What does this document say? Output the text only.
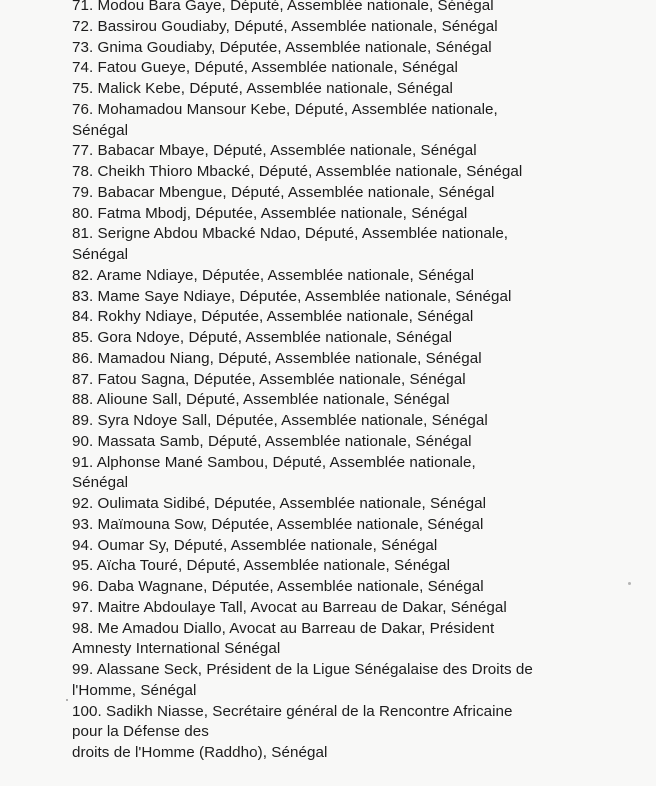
71. Modou Bara Gaye, Député, Assemblée nationale, Sénégal
72. Bassirou Goudiaby, Député, Assemblée nationale, Sénégal
73. Gnima Goudiaby, Députée, Assemblée nationale, Sénégal
74. Fatou Gueye, Député, Assemblée nationale, Sénégal
75. Malick Kebe, Député, Assemblée nationale, Sénégal
76. Mohamadou Mansour Kebe, Député, Assemblée nationale,
Sénégal
77. Babacar Mbaye, Député, Assemblée nationale, Sénégal
78. Cheikh Thioro Mbacké, Député, Assemblée nationale, Sénégal
79. Babacar Mbengue, Député, Assemblée nationale, Sénégal
80. Fatma Mbodj, Députée, Assemblée nationale, Sénégal
81. Serigne Abdou Mbacké Ndao, Député, Assemblée nationale,
Sénégal
82. Arame Ndiaye, Députée, Assemblée nationale, Sénégal
83. Mame Saye Ndiaye, Députée, Assemblée nationale, Sénégal
84. Rokhy Ndiaye, Députée, Assemblée nationale, Sénégal
85. Gora Ndoye, Député, Assemblée nationale, Sénégal
86. Mamadou Niang, Député, Assemblée nationale, Sénégal
87. Fatou Sagna, Députée, Assemblée nationale, Sénégal
88. Alioune Sall, Député, Assemblée nationale, Sénégal
89. Syra Ndoye Sall, Députée, Assemblée nationale, Sénégal
90. Massata Samb, Député, Assemblée nationale, Sénégal
91. Alphonse Mané Sambou, Député, Assemblée nationale,
Sénégal
92. Oulimata Sidibé, Députée, Assemblée nationale, Sénégal
93. Maïmouna Sow, Députée, Assemblée nationale, Sénégal
94. Oumar Sy, Député, Assemblée nationale, Sénégal
95. Aïcha Touré, Député, Assemblée nationale, Sénégal
96. Daba Wagnane, Députée, Assemblée nationale, Sénégal
97. Maitre Abdoulaye Tall, Avocat au Barreau de Dakar, Sénégal
98. Me Amadou Diallo, Avocat au Barreau de Dakar, Président
Amnesty International Sénégal
99. Alassane Seck, Président de la Ligue Sénégalaise des Droits de
l'Homme, Sénégal
100. Sadikh Niasse, Secrétaire général de la Rencontre Africaine
pour la Défense des
droits de l'Homme (Raddho), Sénégal
